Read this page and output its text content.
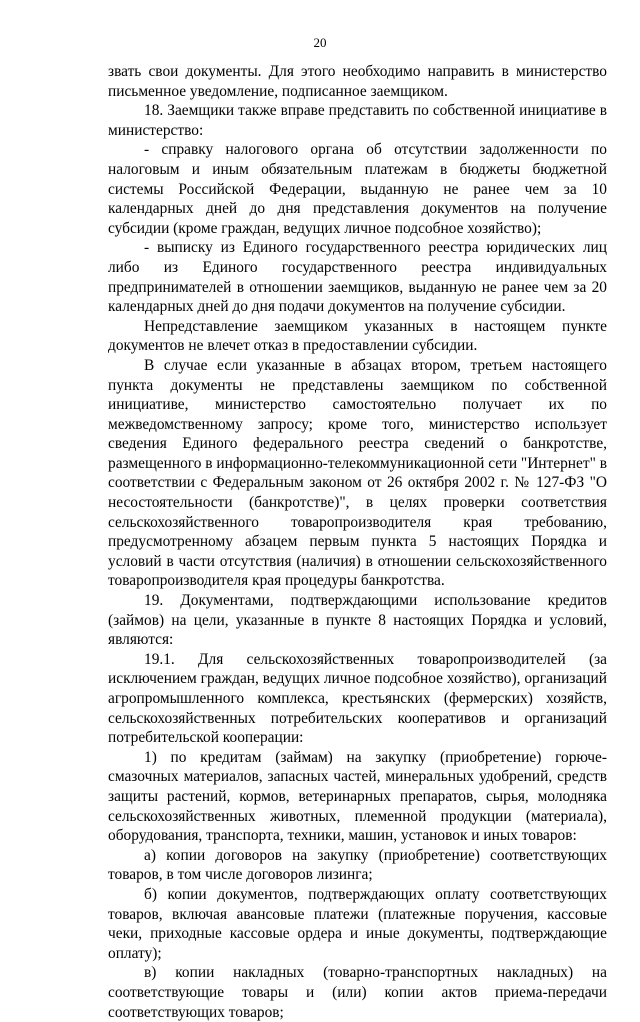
20

звать свои документы. Для этого необходимо направить в министерство письменное уведомление, подписанное заемщиком.

18. Заемщики также вправе представить по собственной инициативе в министерство:

- справку налогового органа об отсутствии задолженности по налоговым и иным обязательным платежам в бюджеты бюджетной системы Российской Федерации, выданную не ранее чем за 10 календарных дней до дня представления документов на получение субсидии (кроме граждан, ведущих личное подсобное хозяйство);

- выписку из Единого государственного реестра юридических лиц либо из Единого государственного реестра индивидуальных предпринимателей в отношении заемщиков, выданную не ранее чем за 20 календарных дней до дня подачи документов на получение субсидии.

Непредставление заемщиком указанных в настоящем пункте документов не влечет отказ в предоставлении субсидии.

В случае если указанные в абзацах втором, третьем настоящего пункта документы не представлены заемщиком по собственной инициативе, министерство самостоятельно получает их по межведомственному запросу; кроме того, министерство использует сведения Единого федерального реестра сведений о банкротстве, размещенного в информационно-телекоммуникационной сети "Интернет" в соответствии с Федеральным законом от 26 октября 2002 г. № 127-ФЗ "О несостоятельности (банкротстве)", в целях проверки соответствия сельскохозяйственного товаропроизводителя края требованию, предусмотренному абзацем первым пункта 5 настоящих Порядка и условий в части отсутствия (наличия) в отношении сельскохозяйственного товаропроизводителя края процедуры банкротства.

19. Документами, подтверждающими использование кредитов (займов) на цели, указанные в пункте 8 настоящих Порядка и условий, являются:

19.1. Для сельскохозяйственных товаропроизводителей (за исключением граждан, ведущих личное подсобное хозяйство), организаций агропромышленного комплекса, крестьянских (фермерских) хозяйств, сельскохозяйственных потребительских кооперативов и организаций потребительской кооперации:

1) по кредитам (займам) на закупку (приобретение) горюче-смазочных материалов, запасных частей, минеральных удобрений, средств защиты растений, кормов, ветеринарных препаратов, сырья, молодняка сельскохозяйственных животных, племенной продукции (материала), оборудования, транспорта, техники, машин, установок и иных товаров:

а) копии договоров на закупку (приобретение) соответствующих товаров, в том числе договоров лизинга;

б) копии документов, подтверждающих оплату соответствующих товаров, включая авансовые платежи (платежные поручения, кассовые чеки, приходные кассовые ордера и иные документы, подтверждающие оплату);

в) копии накладных (товарно-транспортных накладных) на соответствующие товары и (или) копии актов приема-передачи соответствующих товаров;
